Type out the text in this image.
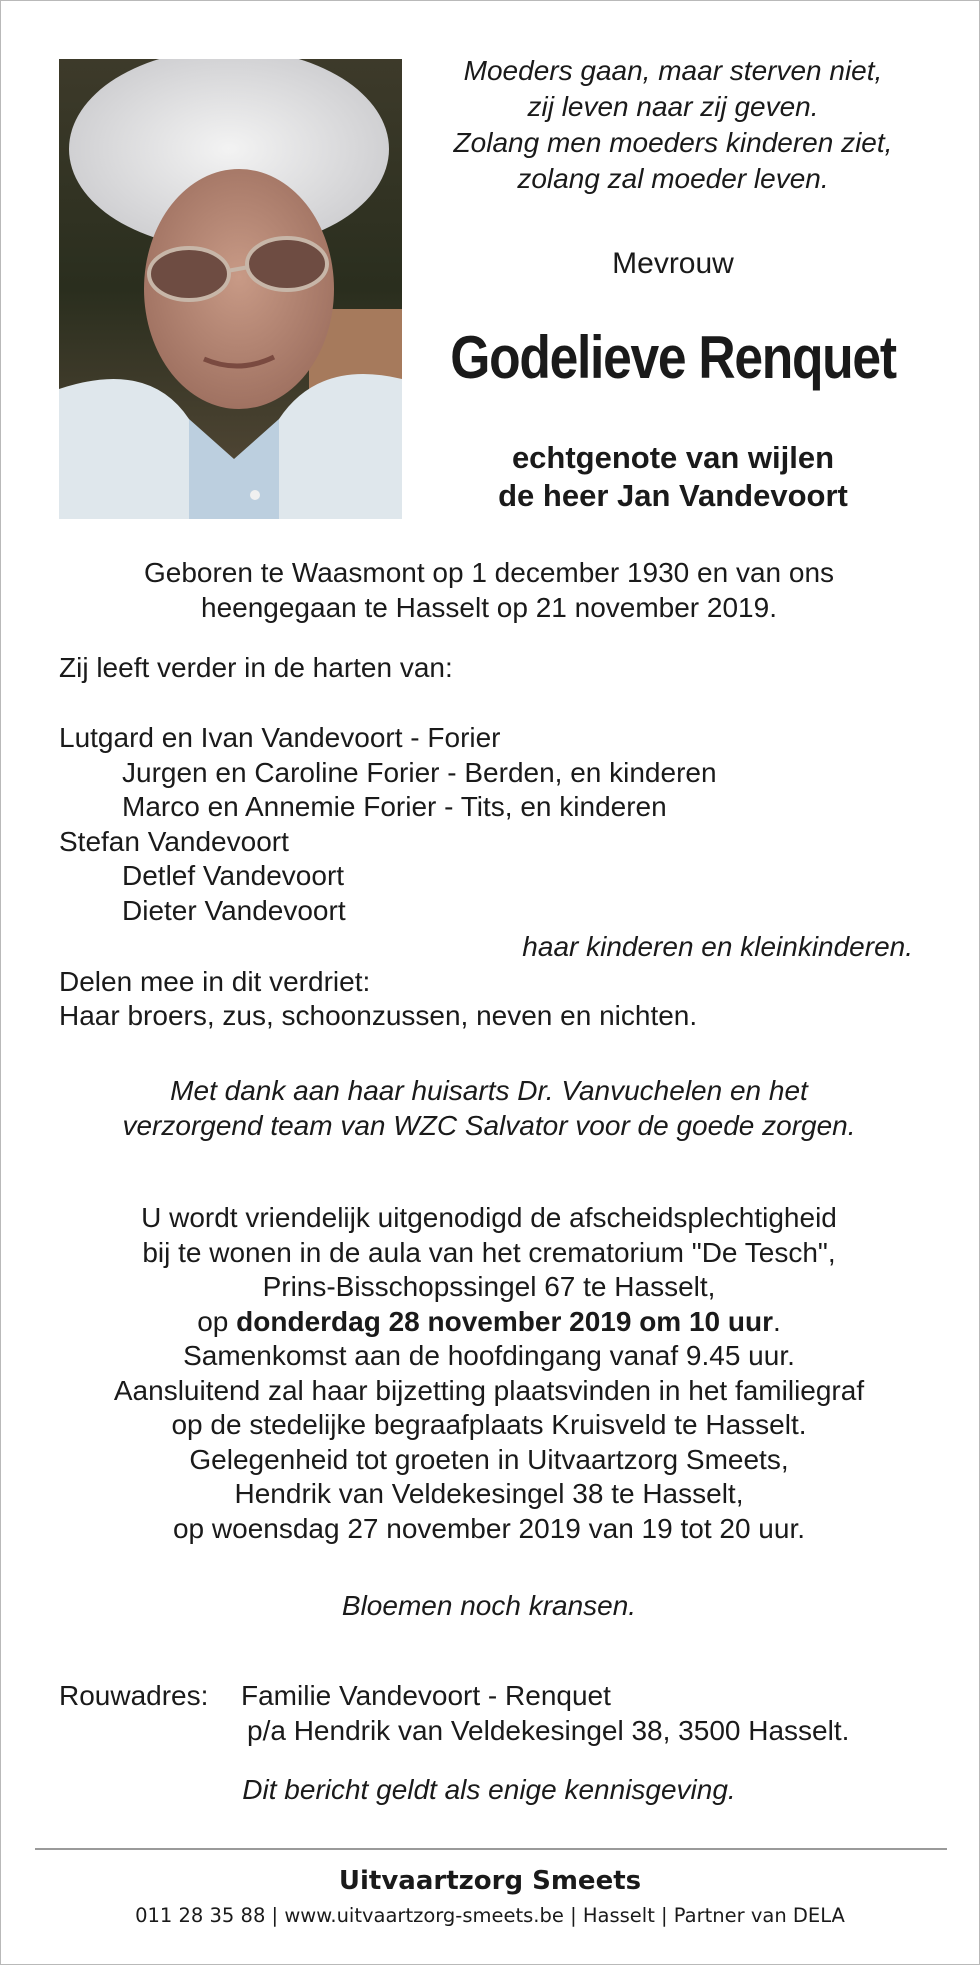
Moeders gaan, maar sterven niet,
zij leven naar zij geven.
Zolang men moeders kinderen ziet,
zolang zal moeder leven.
Mevrouw
Godelieve Renquet
echtgenote van wijlen
de heer Jan Vandevoort
Geboren te Waasmont op 1 december 1930 en van ons
heengegaan te Hasselt op 21 november 2019.
Zij leeft verder in de harten van:
Lutgard en Ivan Vandevoort - Forier
Jurgen en Caroline Forier - Berden, en kinderen
Marco en Annemie Forier - Tits, en kinderen
Stefan Vandevoort
Detlef Vandevoort
Dieter Vandevoort
haar kinderen en kleinkinderen.
Delen mee in dit verdriet:
Haar broers, zus, schoonzussen, neven en nichten.
Met dank aan haar huisarts Dr. Vanvuchelen en het
verzorgend team van WZC Salvator voor de goede zorgen.
U wordt vriendelijk uitgenodigd de afscheidsplechtigheid
bij te wonen in de aula van het crematorium "De Tesch",
Prins-Bisschopssingel 67 te Hasselt,
op donderdag 28 november 2019 om 10 uur.
Samenkomst aan de hoofdingang vanaf 9.45 uur.
Aansluitend zal haar bijzetting plaatsvinden in het familiegraf
op de stedelijke begraafplaats Kruisveld te Hasselt.
Gelegenheid tot groeten in Uitvaartzorg Smeets,
Hendrik van Veldekesingel 38 te Hasselt,
op woensdag 27 november 2019 van 19 tot 20 uur.
Bloemen noch kransen.
Rouwadres: Familie Vandevoort - Renquet
p/a Hendrik van Veldekesingel 38, 3500 Hasselt.
Dit bericht geldt als enige kennisgeving.
Uitvaartzorg Smeets
011 28 35 88 | www.uitvaartzorg-smeets.be | Hasselt | Partner van DELA
